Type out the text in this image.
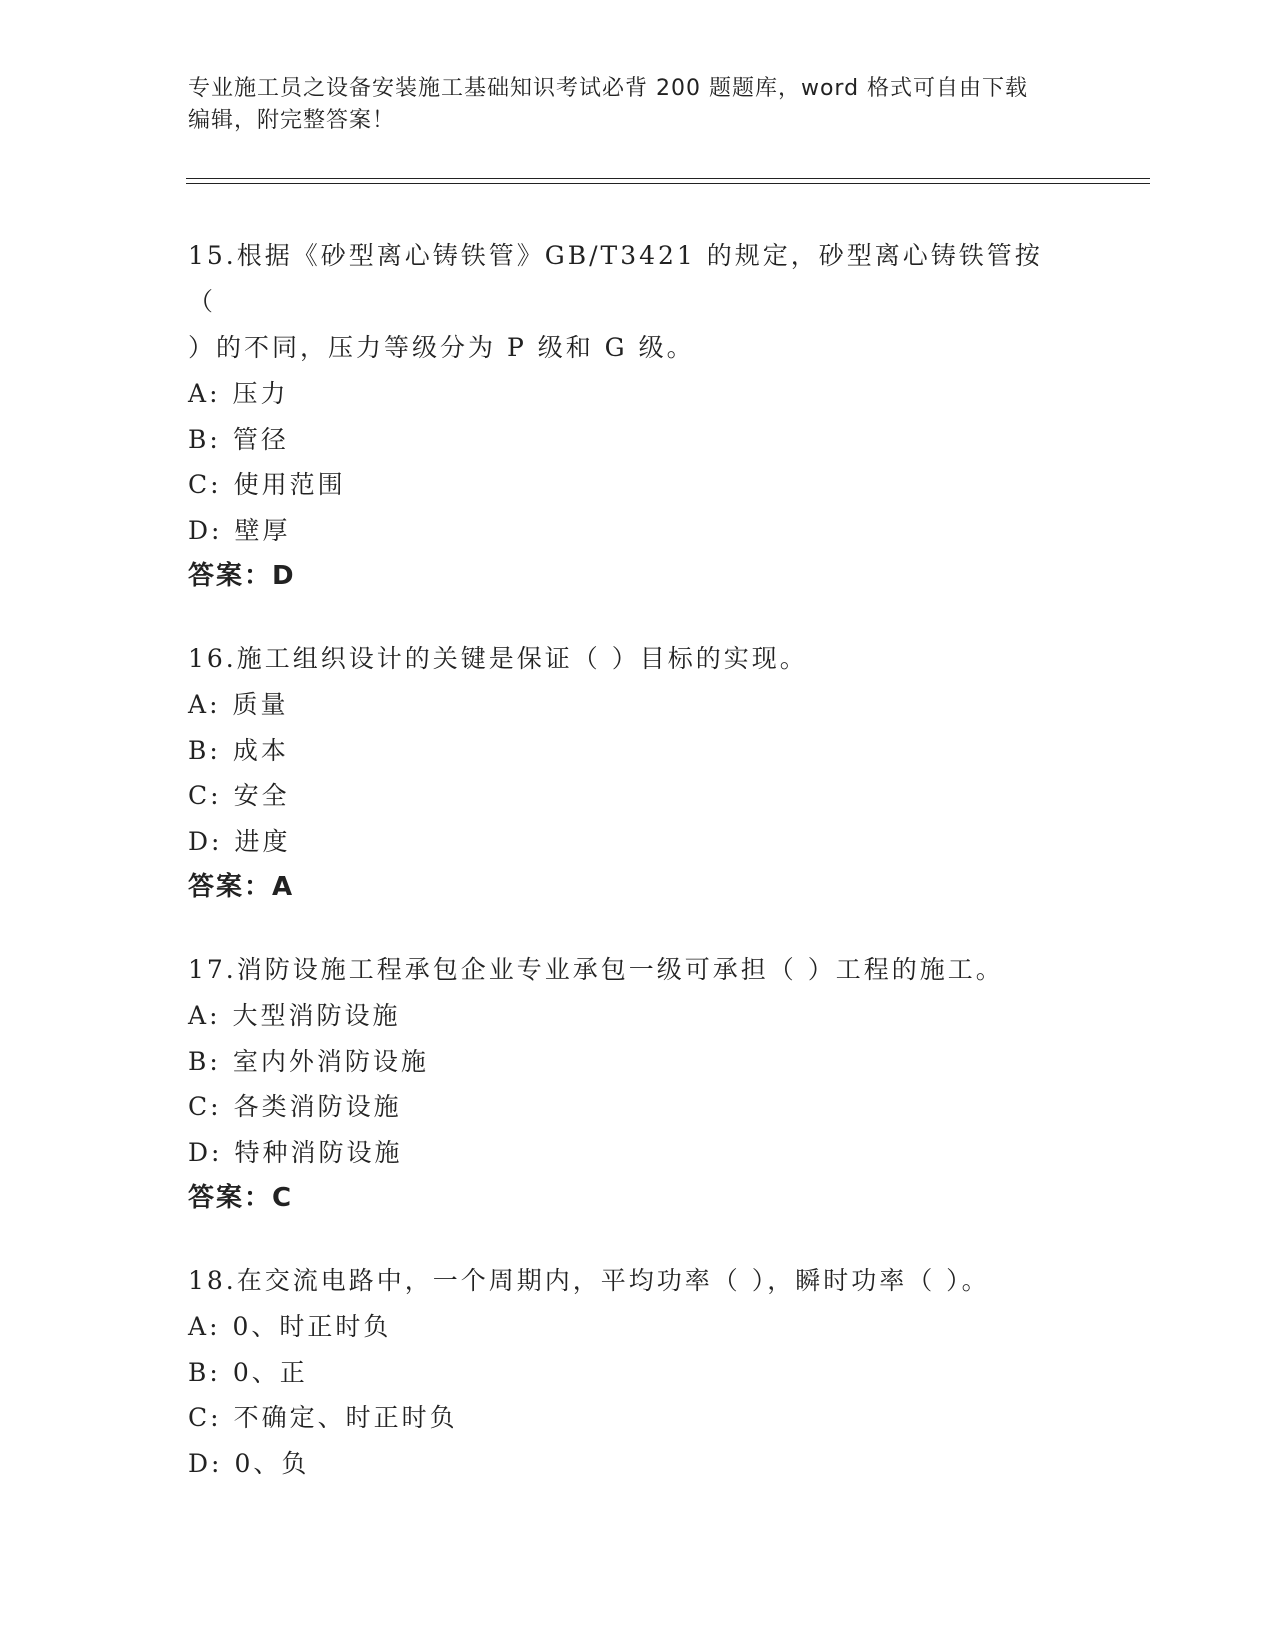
专业施工员之设备安装施工基础知识考试必背 200 题题库，word 格式可自由下载
编辑，附完整答案！
15.根据《砂型离心铸铁管》GB/T3421 的规定，砂型离心铸铁管按（
）的不同，压力等级分为 P 级和 G 级。
A: 压力
B: 管径
C: 使用范围
D: 壁厚
答案：D
16.施工组织设计的关键是保证（ ）目标的实现。
A: 质量
B: 成本
C: 安全
D: 进度
答案：A
17.消防设施工程承包企业专业承包一级可承担（ ）工程的施工。
A: 大型消防设施
B: 室内外消防设施
C: 各类消防设施
D: 特种消防设施
答案：C
18.在交流电路中，一个周期内，平均功率（ ），瞬时功率（ ）。
A: 0、时正时负
B: 0、正
C: 不确定、时正时负
D: 0、负
